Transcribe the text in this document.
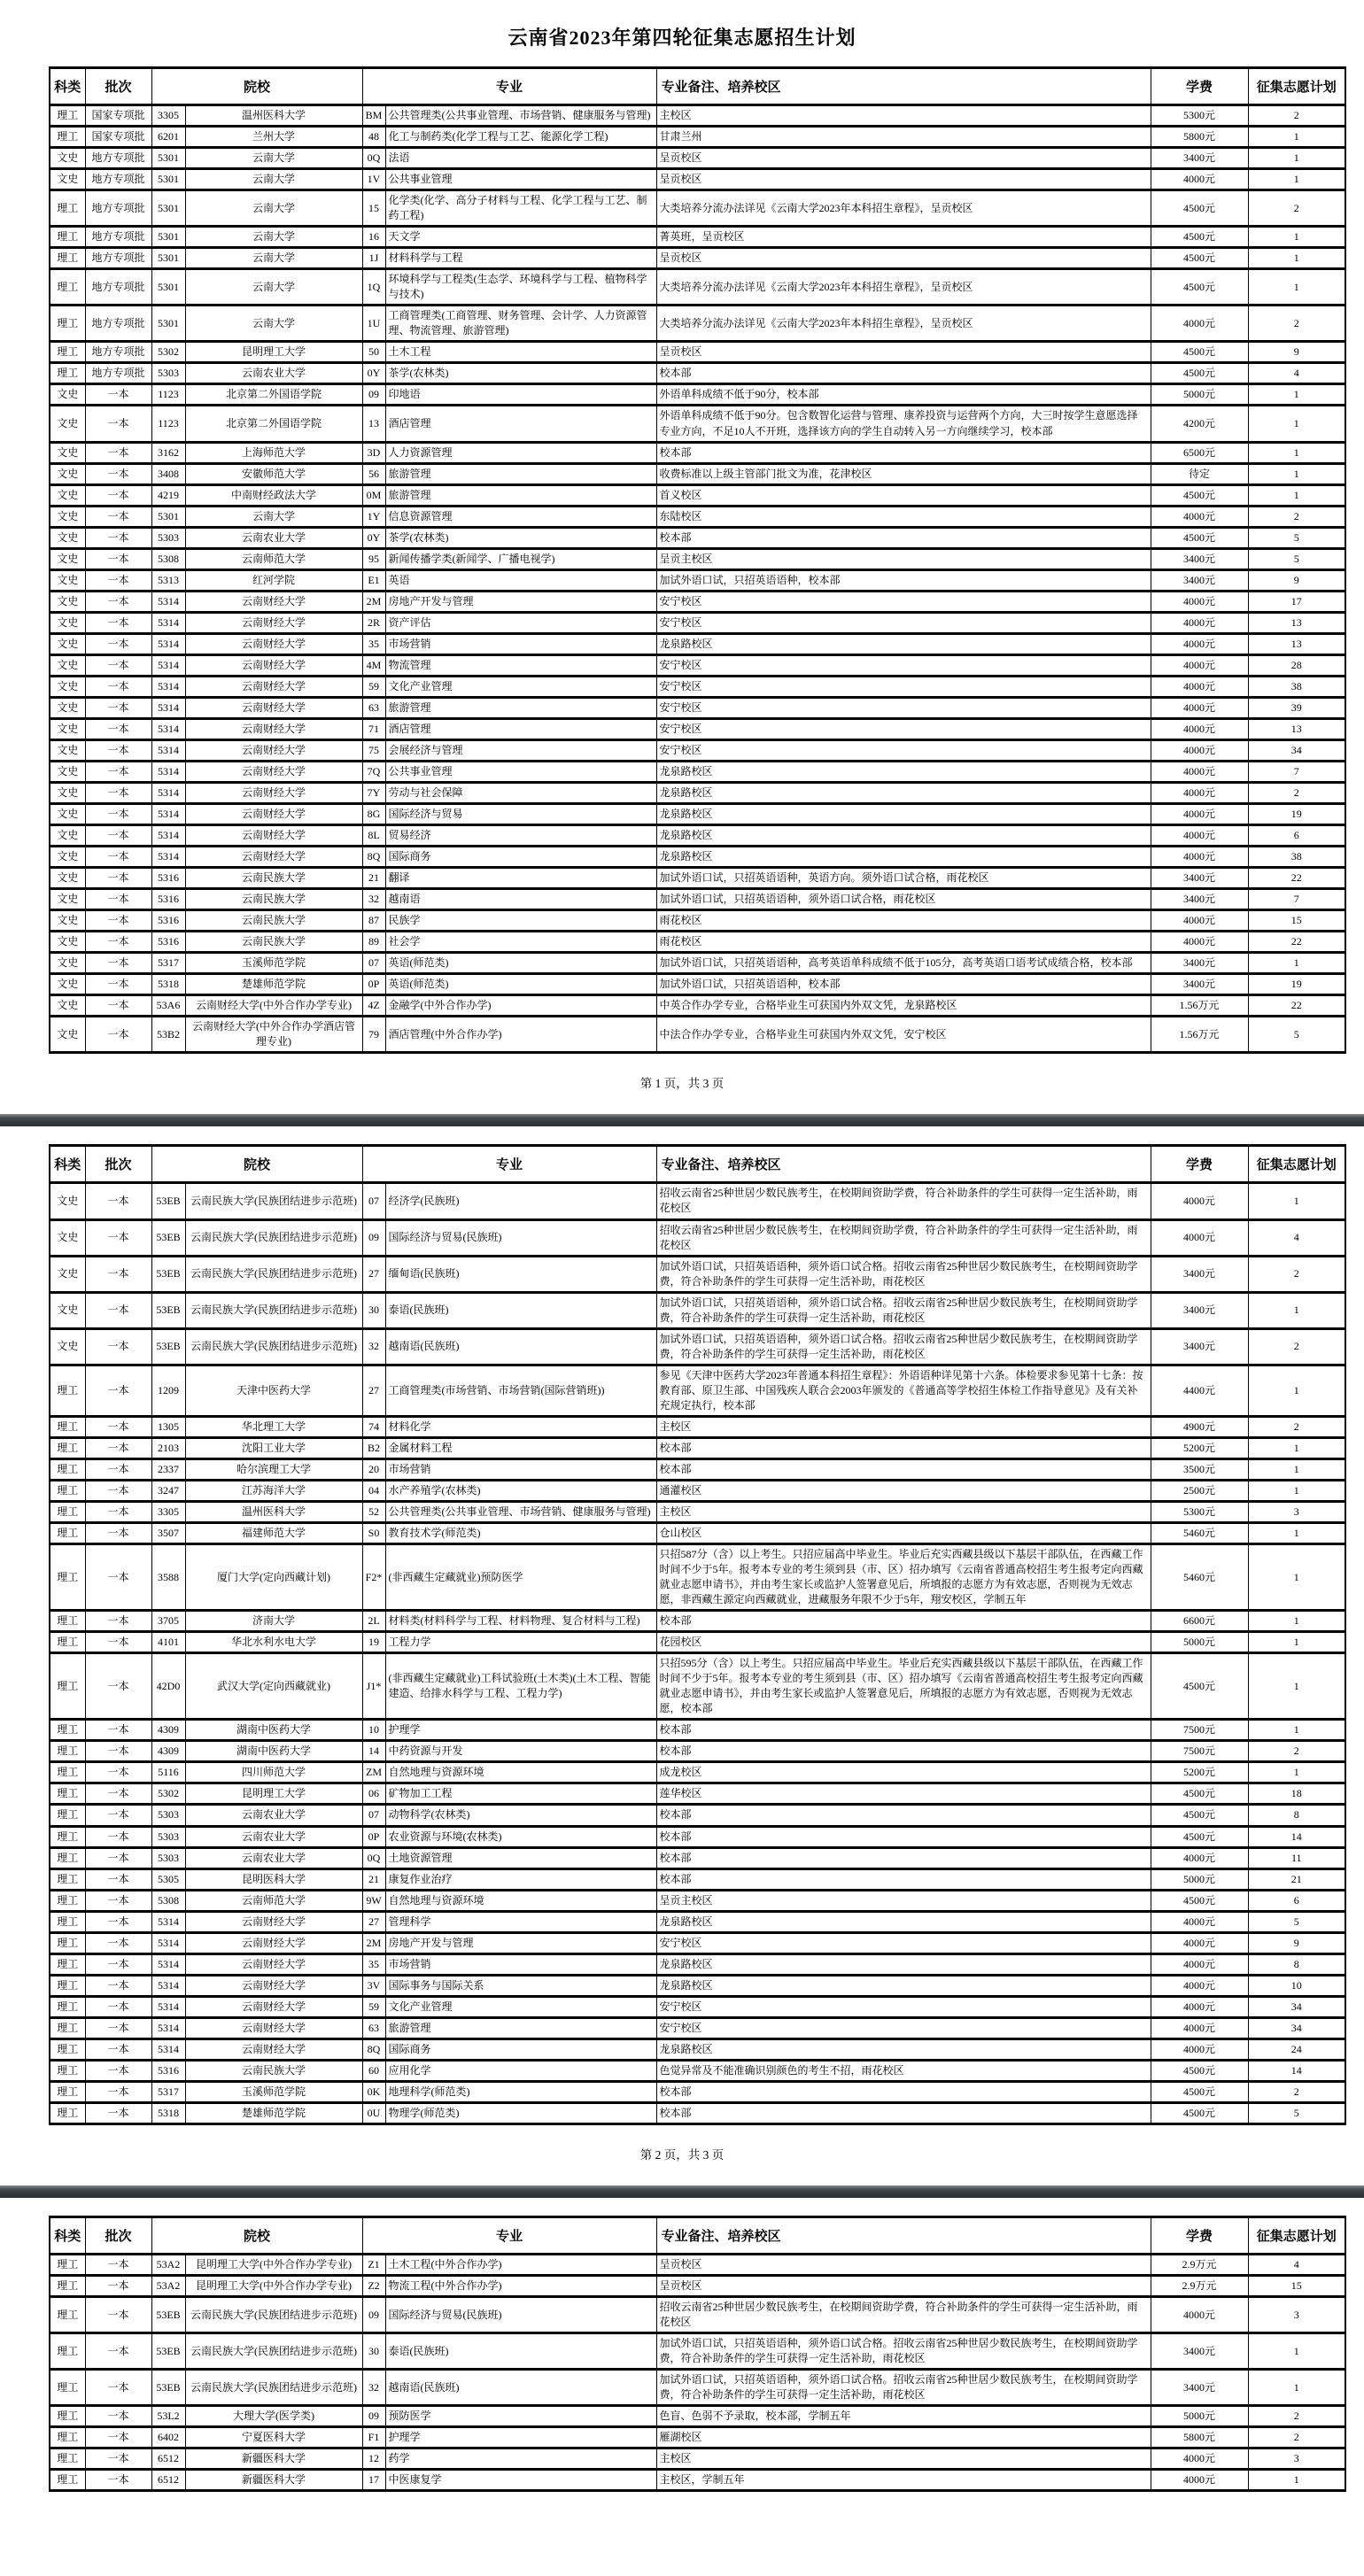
云南省2023年第四轮征集志愿招生计划
科类	批次	院校		专业		专业备注、培养校区	学费	征集志愿计划
理工	国家专项批	3305	温州医科大学	BM	公共管理类(公共事业管理、市场营销、健康服务与管理)	主校区	5300元	2
理工	国家专项批	6201	兰州大学	48	化工与制药类(化学工程与工艺、能源化学工程)	甘肃兰州	5800元	1
文史	地方专项批	5301	云南大学	0Q	法语	呈贡校区	3400元	1
文史	地方专项批	5301	云南大学	1V	公共事业管理	呈贡校区	4000元	1
理工	地方专项批	5301	云南大学	15	化学类(化学、高分子材料与工程、化学工程与工艺、制药工程)	大类培养分流办法详见《云南大学2023年本科招生章程》，呈贡校区	4500元	2
理工	地方专项批	5301	云南大学	16	天文学	菁英班，呈贡校区	4500元	1
理工	地方专项批	5301	云南大学	1J	材料科学与工程	呈贡校区	4500元	1
理工	地方专项批	5301	云南大学	1Q	环境科学与工程类(生态学、环境科学与工程、植物科学与技术)	大类培养分流办法详见《云南大学2023年本科招生章程》，呈贡校区	4500元	1
理工	地方专项批	5301	云南大学	1U	工商管理类(工商管理、财务管理、会计学、人力资源管理、物流管理、旅游管理)	大类培养分流办法详见《云南大学2023年本科招生章程》，呈贡校区	4000元	2
理工	地方专项批	5302	昆明理工大学	50	土木工程	呈贡校区	4500元	9
理工	地方专项批	5303	云南农业大学	0Y	茶学(农林类)	校本部	4500元	4
文史	一本	1123	北京第二外国语学院	09	印地语	外语单科成绩不低于90分，校本部	5000元	1
文史	一本	1123	北京第二外国语学院	13	酒店管理	外语单科成绩不低于90分。包含数智化运营与管理、康养投资与运营两个方向，大三时按学生意愿选择专业方向，不足10人不开班，选择该方向的学生自动转入另一方向继续学习，校本部	4200元	1
文史	一本	3162	上海师范大学	3D	人力资源管理	校本部	6500元	1
文史	一本	3408	安徽师范大学	56	旅游管理	收费标准以上级主管部门批文为准，花津校区	待定	1
文史	一本	4219	中南财经政法大学	0M	旅游管理	首义校区	4500元	1
文史	一本	5301	云南大学	1Y	信息资源管理	东陆校区	4000元	2
文史	一本	5303	云南农业大学	0Y	茶学(农林类)	校本部	4500元	5
文史	一本	5308	云南师范大学	95	新闻传播学类(新闻学、广播电视学)	呈贡主校区	3400元	5
文史	一本	5313	红河学院	E1	英语	加试外语口试，只招英语语种，校本部	3400元	9
文史	一本	5314	云南财经大学	2M	房地产开发与管理	安宁校区	4000元	17
文史	一本	5314	云南财经大学	2R	资产评估	安宁校区	4000元	13
文史	一本	5314	云南财经大学	35	市场营销	龙泉路校区	4000元	13
文史	一本	5314	云南财经大学	4M	物流管理	安宁校区	4000元	28
文史	一本	5314	云南财经大学	59	文化产业管理	安宁校区	4000元	38
文史	一本	5314	云南财经大学	63	旅游管理	安宁校区	4000元	39
文史	一本	5314	云南财经大学	71	酒店管理	安宁校区	4000元	13
文史	一本	5314	云南财经大学	75	会展经济与管理	安宁校区	4000元	34
文史	一本	5314	云南财经大学	7Q	公共事业管理	龙泉路校区	4000元	7
文史	一本	5314	云南财经大学	7Y	劳动与社会保障	龙泉路校区	4000元	2
文史	一本	5314	云南财经大学	8G	国际经济与贸易	龙泉路校区	4000元	19
文史	一本	5314	云南财经大学	8L	贸易经济	龙泉路校区	4000元	6
文史	一本	5314	云南财经大学	8Q	国际商务	龙泉路校区	4000元	38
文史	一本	5316	云南民族大学	21	翻译	加试外语口试，只招英语语种，英语方向。须外语口试合格，雨花校区	3400元	22
文史	一本	5316	云南民族大学	32	越南语	加试外语口试，只招英语语种，须外语口试合格，雨花校区	3400元	7
文史	一本	5316	云南民族大学	87	民族学	雨花校区	4000元	15
文史	一本	5316	云南民族大学	89	社会学	雨花校区	4000元	22
文史	一本	5317	玉溪师范学院	07	英语(师范类)	加试外语口试，只招英语语种，高考英语单科成绩不低于105分，高考英语口语考试成绩合格，校本部	3400元	1
文史	一本	5318	楚雄师范学院	0P	英语(师范类)	加试外语口试，只招英语语种，校本部	3400元	19
文史	一本	53A6	云南财经大学(中外合作办学专业)	4Z	金融学(中外合作办学)	中英合作办学专业，合格毕业生可获国内外双文凭，龙泉路校区	1.56万元	22
文史	一本	53B2	云南财经大学(中外合作办学酒店管理专业)	79	酒店管理(中外合作办学)	中法合作办学专业，合格毕业生可获国内外双文凭，安宁校区	1.56万元	5
第 1 页，共 3 页
科类	批次	院校		专业		专业备注、培养校区	学费	征集志愿计划
文史	一本	53EB	云南民族大学(民族团结进步示范班)	07	经济学(民族班)	招收云南省25种世居少数民族考生，在校期间资助学费，符合补助条件的学生可获得一定生活补助，雨花校区	4000元	1
文史	一本	53EB	云南民族大学(民族团结进步示范班)	09	国际经济与贸易(民族班)	招收云南省25种世居少数民族考生，在校期间资助学费，符合补助条件的学生可获得一定生活补助，雨花校区	4000元	4
文史	一本	53EB	云南民族大学(民族团结进步示范班)	27	缅甸语(民族班)	加试外语口试，只招英语语种，须外语口试合格。招收云南省25种世居少数民族考生，在校期间资助学费，符合补助条件的学生可获得一定生活补助，雨花校区	3400元	2
文史	一本	53EB	云南民族大学(民族团结进步示范班)	30	泰语(民族班)	加试外语口试，只招英语语种，须外语口试合格。招收云南省25种世居少数民族考生，在校期间资助学费，符合补助条件的学生可获得一定生活补助，雨花校区	3400元	1
文史	一本	53EB	云南民族大学(民族团结进步示范班)	32	越南语(民族班)	加试外语口试，只招英语语种，须外语口试合格。招收云南省25种世居少数民族考生，在校期间资助学费，符合补助条件的学生可获得一定生活补助，雨花校区	3400元	2
理工	一本	1209	天津中医药大学	27	工商管理类(市场营销、市场营销(国际营销班))	参见《天津中医药大学2023年普通本科招生章程》：外语语种详见第十六条。体检要求参见第十七条：按教育部、原卫生部、中国残疾人联合会2003年颁发的《普通高等学校招生体检工作指导意见》及有关补充规定执行，校本部	4400元	1
理工	一本	1305	华北理工大学	74	材料化学	主校区	4900元	2
理工	一本	2103	沈阳工业大学	B2	金属材料工程	校本部	5200元	1
理工	一本	2337	哈尔滨理工大学	20	市场营销	校本部	3500元	1
理工	一本	3247	江苏海洋大学	04	水产养殖学(农林类)	通灌校区	2500元	1
理工	一本	3305	温州医科大学	52	公共管理类(公共事业管理、市场营销、健康服务与管理)	主校区	5300元	3
理工	一本	3507	福建师范大学	S0	教育技术学(师范类)	仓山校区	5460元	1
理工	一本	3588	厦门大学(定向西藏计划)	F2*	(非西藏生定藏就业)预防医学	只招587分（含）以上考生。只招应届高中毕业生。毕业后充实西藏县级以下基层干部队伍，在西藏工作时间不少于5年。报考本专业的考生须到县（市、区）招办填写《云南省普通高校招生考生报考定向西藏就业志愿申请书》，并由考生家长或监护人签署意见后，所填报的志愿方为有效志愿，否则视为无效志愿，非西藏生源定向西藏就业，进藏服务年限不少于5年，翔安校区，学制五年	5460元	1
理工	一本	3705	济南大学	2L	材料类(材料科学与工程、材料物理、复合材料与工程)	校本部	6600元	1
理工	一本	4101	华北水利水电大学	19	工程力学	花园校区	5000元	1
理工	一本	42D0	武汉大学(定向西藏就业)	J1*	(非西藏生定藏就业)工科试验班(土木类)(土木工程、智能建造、给排水科学与工程、工程力学)	只招595分（含）以上考生。只招应届高中毕业生。毕业后充实西藏县级以下基层干部队伍，在西藏工作时间不少于5年。报考本专业的考生须到县（市、区）招办填写《云南省普通高校招生考生报考定向西藏就业志愿申请书》，并由考生家长或监护人签署意见后，所填报的志愿方为有效志愿，否则视为无效志愿，校本部	4500元	1
理工	一本	4309	湖南中医药大学	10	护理学	校本部	7500元	1
理工	一本	4309	湖南中医药大学	14	中药资源与开发	校本部	7500元	2
理工	一本	5116	四川师范大学	ZM	自然地理与资源环境	成龙校区	5200元	1
理工	一本	5302	昆明理工大学	06	矿物加工工程	莲华校区	4500元	18
理工	一本	5303	云南农业大学	07	动物科学(农林类)	校本部	4500元	8
理工	一本	5303	云南农业大学	0P	农业资源与环境(农林类)	校本部	4500元	14
理工	一本	5303	云南农业大学	0Q	土地资源管理	校本部	4000元	11
理工	一本	5305	昆明医科大学	21	康复作业治疗	校本部	5000元	21
理工	一本	5308	云南师范大学	9W	自然地理与资源环境	呈贡主校区	4500元	6
理工	一本	5314	云南财经大学	27	管理科学	龙泉路校区	4000元	5
理工	一本	5314	云南财经大学	2M	房地产开发与管理	安宁校区	4000元	9
理工	一本	5314	云南财经大学	35	市场营销	龙泉路校区	4000元	8
理工	一本	5314	云南财经大学	3V	国际事务与国际关系	龙泉路校区	4000元	10
理工	一本	5314	云南财经大学	59	文化产业管理	安宁校区	4000元	34
理工	一本	5314	云南财经大学	63	旅游管理	安宁校区	4000元	34
理工	一本	5314	云南财经大学	8Q	国际商务	龙泉路校区	4000元	24
理工	一本	5316	云南民族大学	60	应用化学	色觉异常及不能准确识别颜色的考生不招，雨花校区	4500元	14
理工	一本	5317	玉溪师范学院	0K	地理科学(师范类)	校本部	4500元	2
理工	一本	5318	楚雄师范学院	0U	物理学(师范类)	校本部	4500元	5
第 2 页，共 3 页
科类	批次	院校		专业		专业备注、培养校区	学费	征集志愿计划
理工	一本	53A2	昆明理工大学(中外合作办学专业)	Z1	土木工程(中外合作办学)	呈贡校区	2.9万元	4
理工	一本	53A2	昆明理工大学(中外合作办学专业)	Z2	物流工程(中外合作办学)	呈贡校区	2.9万元	15
理工	一本	53EB	云南民族大学(民族团结进步示范班)	09	国际经济与贸易(民族班)	招收云南省25种世居少数民族考生，在校期间资助学费，符合补助条件的学生可获得一定生活补助，雨花校区	4000元	3
理工	一本	53EB	云南民族大学(民族团结进步示范班)	30	泰语(民族班)	加试外语口试，只招英语语种，须外语口试合格。招收云南省25种世居少数民族考生，在校期间资助学费，符合补助条件的学生可获得一定生活补助，雨花校区	3400元	1
理工	一本	53EB	云南民族大学(民族团结进步示范班)	32	越南语(民族班)	加试外语口试，只招英语语种，须外语口试合格。招收云南省25种世居少数民族考生，在校期间资助学费，符合补助条件的学生可获得一定生活补助，雨花校区	3400元	1
理工	一本	53L2	大理大学(医学类)	09	预防医学	色盲、色弱不予录取，校本部，学制五年	5000元	2
理工	一本	6402	宁夏医科大学	F1	护理学	雁湖校区	5800元	2
理工	一本	6512	新疆医科大学	12	药学	主校区	4000元	3
理工	一本	6512	新疆医科大学	17	中医康复学	主校区，学制五年	4000元	1
